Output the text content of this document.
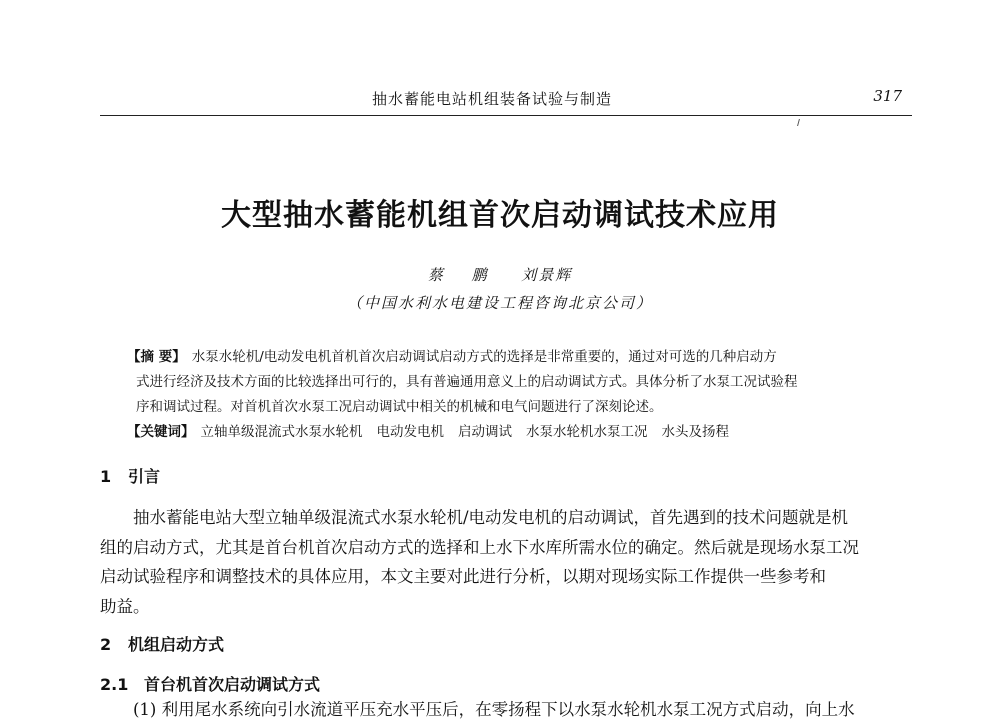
抽水蓄能电站机组装备试验与制造	317
大型抽水蓄能机组首次启动调试技术应用
蔡 鹏 刘景辉
（中国水利水电建设工程咨询北京公司）
【摘 要】 水泵水轮机/电动发电机首机首次启动调试启动方式的选择是非常重要的，通过对可选的几种启动方
式进行经济及技术方面的比较选择出可行的，具有普遍通用意义上的启动调试方式。具体分析了水泵工况试验程
序和调试过程。对首机首次水泵工况启动调试中相关的机械和电气问题进行了深刻论述。
【关键词】 立轴单级混流式水泵水轮机 电动发电机 启动调试 水泵水轮机水泵工况 水头及扬程
1 引言
抽水蓄能电站大型立轴单级混流式水泵水轮机/电动发电机的启动调试，首先遇到的技术问题就是机
组的启动方式，尤其是首台机首次启动方式的选择和上水下水库所需水位的确定。然后就是现场水泵工况
启动试验程序和调整技术的具体应用，本文主要对此进行分析，以期对现场实际工作提供一些参考和
助益。
2 机组启动方式
2.1 首台机首次启动调试方式
(1) 利用尾水系统向引水流道平压充水平压后，在零扬程下以水泵水轮机水泵工况方式启动，向上水
